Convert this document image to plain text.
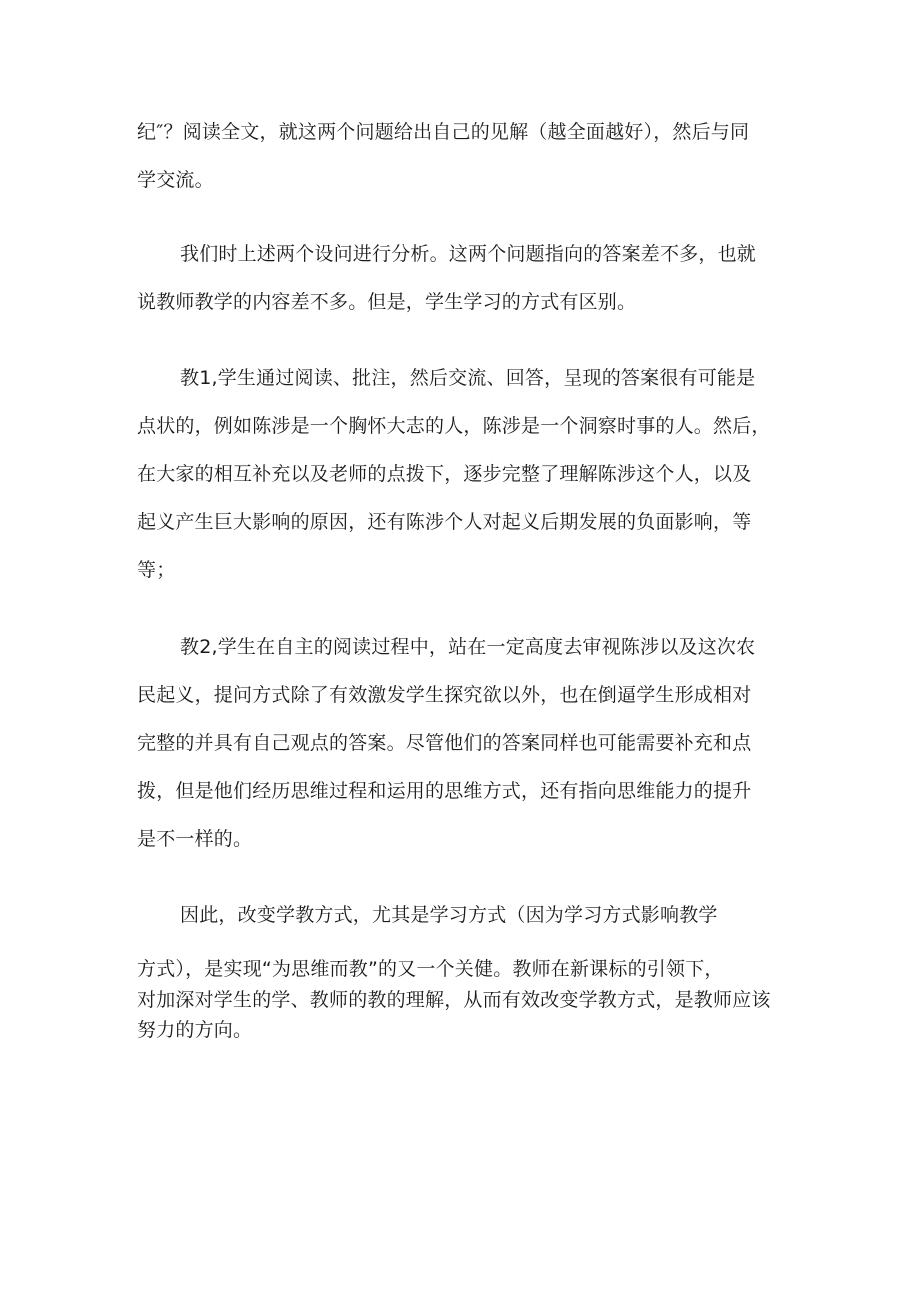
纪″？阅读全文，就这两个问题给出自己的见解（越全面越好），然后与同
学交流。
我们时上述两个设问进行分析。这两个问题指向的答案差不多，也就
说教师教学的内容差不多。但是，学生学习的方式有区别。
教1,学生通过阅读、批注，然后交流、回答，呈现的答案很有可能是
点状的，例如陈涉是一个胸怀大志的人，陈涉是一个洞察时事的人。然后，
在大家的相互补充以及老师的点拨下，逐步完整了理解陈涉这个人，以及
起义产生巨大影响的原因，还有陈涉个人对起义后期发展的负面影响，等
等；
教2,学生在自主的阅读过程中，站在一定高度去审视陈涉以及这次农
民起义，提问方式除了有效激发学生探究欲以外，也在倒逼学生形成相对
完整的并具有自己观点的答案。尽管他们的答案同样也可能需要补充和点
拨，但是他们经历思维过程和运用的思维方式，还有指向思维能力的提升
是不一样的。
因此，改变学教方式，尤其是学习方式（因为学习方式影响教学
方式），是实现“为思维而教”的又一个关健。教师在新课标的引领下，
对加深对学生的学、教师的教的理解，从而有效改变学教方式，是教师应该
努力的方向。
